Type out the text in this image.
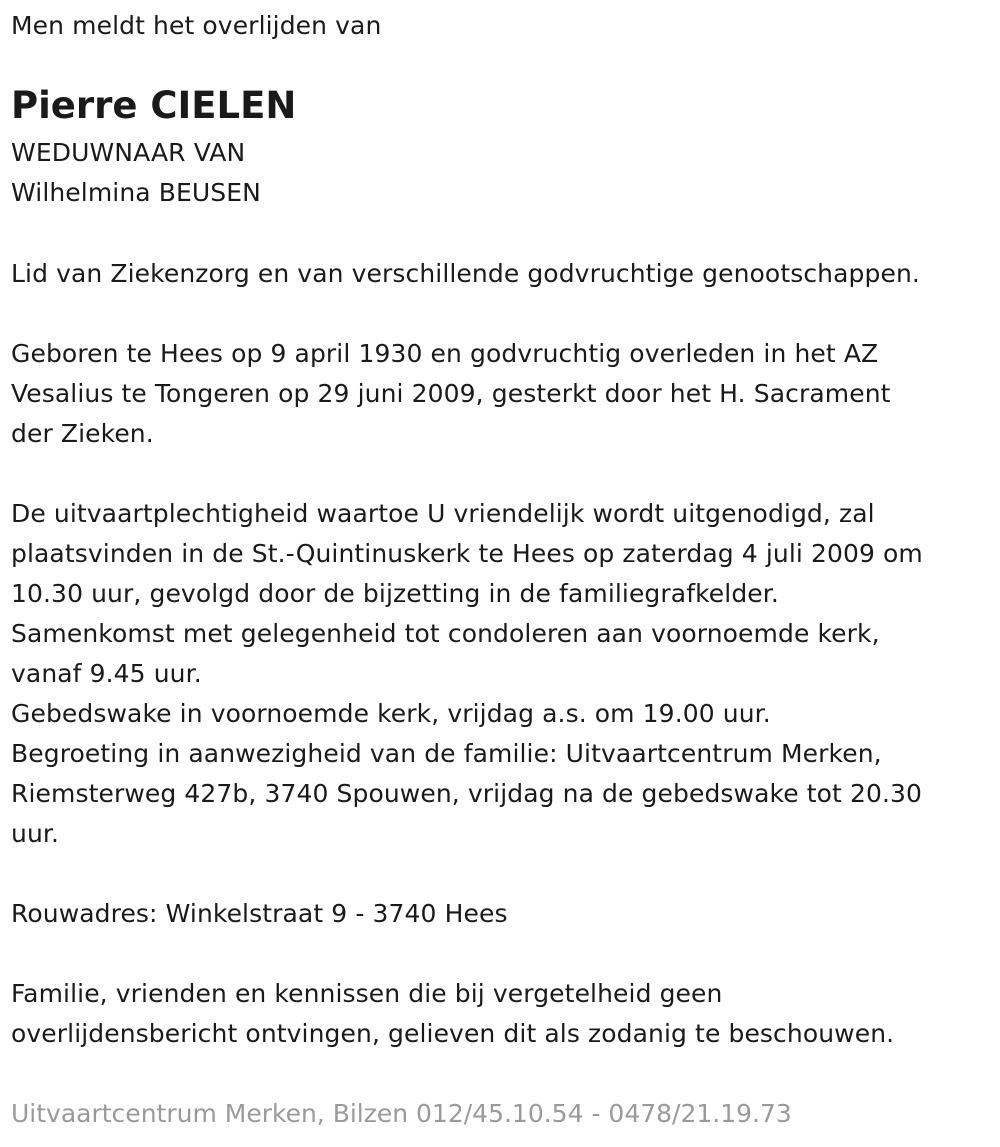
Men meldt het overlijden van
Pierre CIELEN
WEDUWNAAR VAN
Wilhelmina BEUSEN
Lid van Ziekenzorg en van verschillende godvruchtige genootschappen.
Geboren te Hees op 9 april 1930 en godvruchtig overleden in het AZ
Vesalius te Tongeren op 29 juni 2009, gesterkt door het H. Sacrament
der Zieken.
De uitvaartplechtigheid waartoe U vriendelijk wordt uitgenodigd, zal
plaatsvinden in de St.-Quintinuskerk te Hees op zaterdag 4 juli 2009 om
10.30 uur, gevolgd door de bijzetting in de familiegrafkelder.
Samenkomst met gelegenheid tot condoleren aan voornoemde kerk,
vanaf 9.45 uur.
Gebedswake in voornoemde kerk, vrijdag a.s. om 19.00 uur.
Begroeting in aanwezigheid van de familie: Uitvaartcentrum Merken,
Riemsterweg 427b, 3740 Spouwen, vrijdag na de gebedswake tot 20.30
uur.
Rouwadres: Winkelstraat 9 - 3740 Hees
Familie, vrienden en kennissen die bij vergetelheid geen
overlijdensbericht ontvingen, gelieven dit als zodanig te beschouwen.
Uitvaartcentrum Merken, Bilzen 012/45.10.54 - 0478/21.19.73
